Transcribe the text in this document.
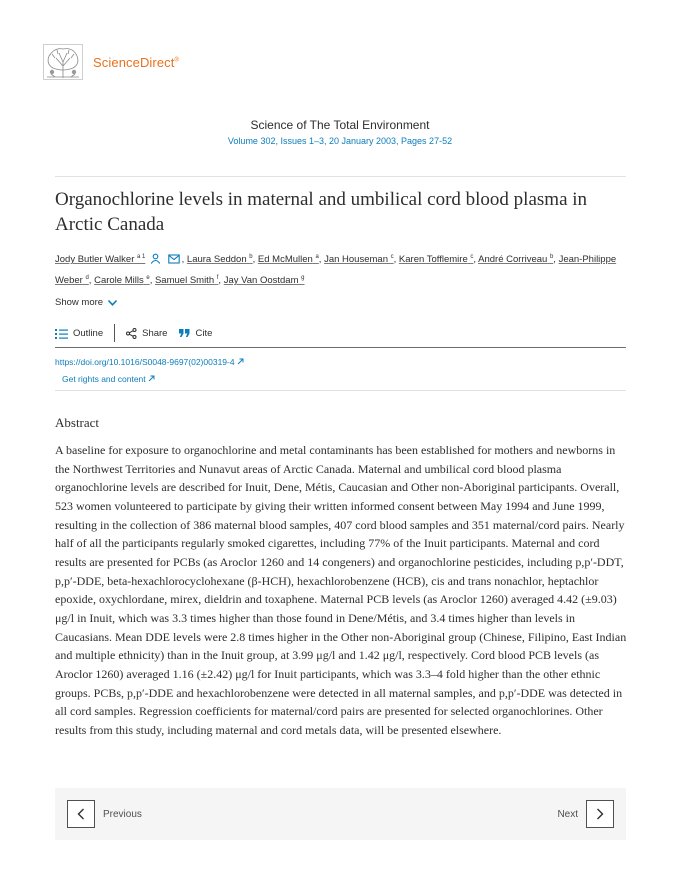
ScienceDirect®
Science of The Total Environment
Volume 302, Issues 1–3, 20 January 2003, Pages 27-52
Organochlorine levels in maternal and umbilical cord blood plasma in Arctic Canada
Jody Butler Walker $^{a 1}$	, Laura Seddon $^b$, Ed McMullen $^a$, Jan Houseman $^c$, Karen Tofflemire $^c$, André Corriveau $^b$, Jean-Philippe Weber $^d$, Carole Mills $^e$, Samuel Smith $^f$, Jay Van Oostdam $^g$
Show more
Outline	Share	Cite
https://doi.org/10.1016/S0048-9697(02)00319-4
Get rights and content
Abstract

A baseline for exposure to organochlorine and metal contaminants has been established for mothers and newborns in the Northwest Territories and Nunavut areas of Arctic Canada. Maternal and umbilical cord blood plasma organochlorine levels are described for Inuit, Dene, Métis, Caucasian and Other non-Aboriginal participants. Overall, 523 women volunteered to participate by giving their written informed consent between May 1994 and June 1999, resulting in the collection of 386 maternal blood samples, 407 cord blood samples and 351 maternal/cord pairs. Nearly half of all the participants regularly smoked cigarettes, including 77% of the Inuit participants. Maternal and cord results are presented for PCBs (as Aroclor 1260 and 14 congeners) and organochlorine pesticides, including p,p′-DDT, p,p′-DDE, beta-hexachlorocyclohexane (β-HCH), hexachlorobenzene (HCB), cis and trans nonachlor, heptachlor epoxide, oxychlordane, mirex, dieldrin and toxaphene. Maternal PCB levels (as Aroclor 1260) averaged 4.42 (±9.03) μg/l in Inuit, which was 3.3 times higher than those found in Dene/Métis, and 3.4 times higher than levels in Caucasians. Mean DDE levels were 2.8 times higher in the Other non-Aboriginal group (Chinese, Filipino, East Indian and multiple ethnicity) than in the Inuit group, at 3.99 μg/l and 1.42 μg/l, respectively. Cord blood PCB levels (as Aroclor 1260) averaged 1.16 (±2.42) μg/l for Inuit participants, which was 3.3–4 fold higher than the other ethnic groups. PCBs, p,p′-DDE and hexachlorobenzene were detected in all maternal samples, and p,p′-DDE was detected in all cord samples. Regression coefficients for maternal/cord pairs are presented for selected organochlorines. Other results from this study, including maternal and cord metals data, will be presented elsewhere.

Previous	Next
